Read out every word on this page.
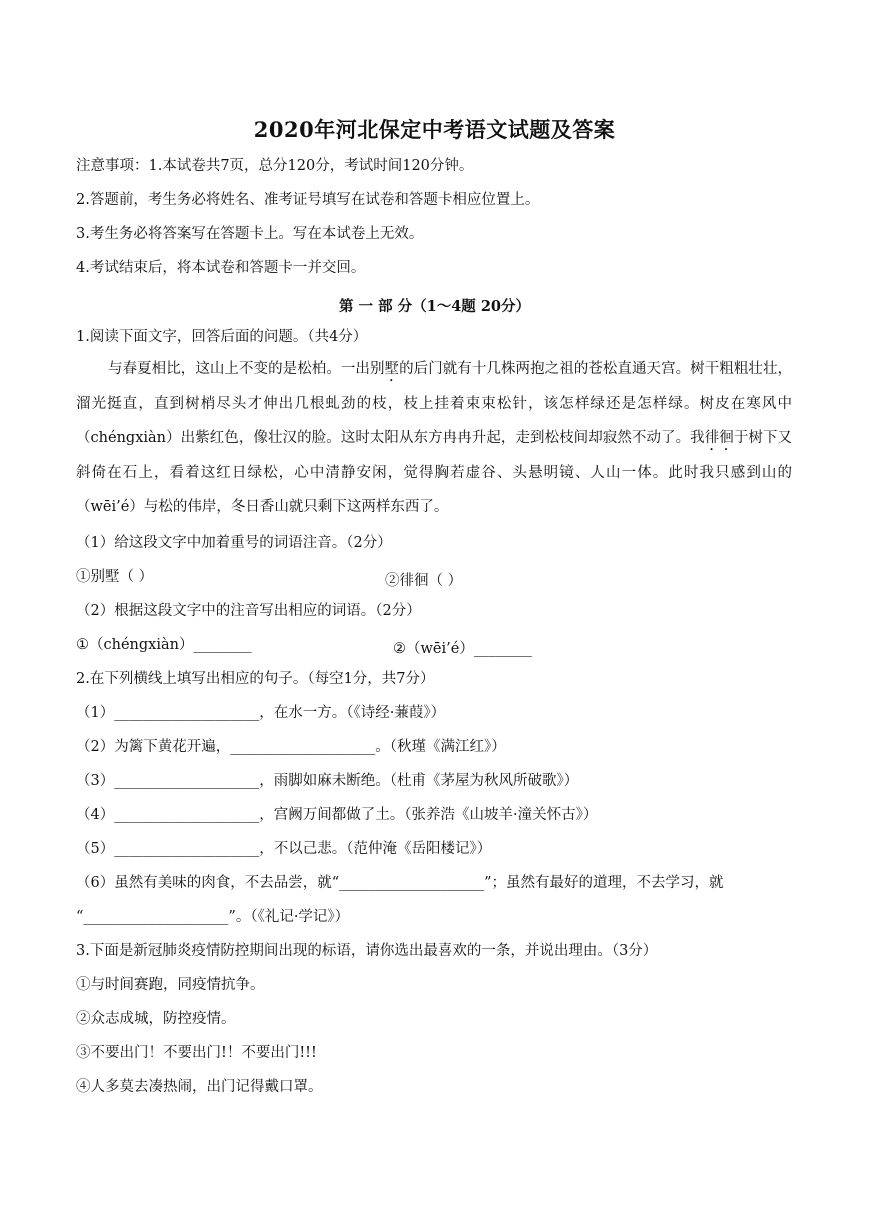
2020年河北保定中考语文试题及答案
注意事项：1.本试卷共7页，总分120分，考试时间120分钟。
2.答题前，考生务必将姓名、准考证号填写在试卷和答题卡相应位置上。
3.考生务必将答案写在答题卡上。写在本试卷上无效。
4.考试结束后，将本试卷和答题卡一并交回。
第 一 部 分（1～4题 20分）
1.阅读下面文字，回答后面的问题。（共4分）
与春夏相比，这山上不变的是松柏。一出别墅的后门就有十几株两抱之祖的苍松直通天宫。树干粗粗壮壮，溜光挺直，直到树梢尽头才伸出几根虬劲的枝，枝上挂着束束松针，该怎样绿还是怎样绿。树皮在寒风中（chéngxiàn）出紫红色，像壮汉的脸。这时太阳从东方冉冉升起，走到松枝间却寂然不动了。我徘徊于树下又斜倚在石上，看着这红日绿松，心中清静安闲，觉得胸若虚谷、头悬明镜、人山一体。此时我只感到山的（wēi’é）与松的伟岸，冬日香山就只剩下这两样东西了。
（1）给这段文字中加着重号的词语注音。（2分）
①别墅（ ）	②徘徊（ ）
（2）根据这段文字中的注音写出相应的词语。（2分）
①（chéngxiàn）________	②（wēi’é）________
2.在下列横线上填写出相应的句子。（每空1分，共7分）
（1）____________________，在水一方。（《诗经·蒹葭》）
（2）为篱下黄花开遍，____________________。（秋瑾《满江红》）
（3）____________________，雨脚如麻未断绝。（杜甫《茅屋为秋风所破歌》）
（4）____________________，宫阙万间都做了土。（张养浩《山坡羊·潼关怀古》）
（5）____________________，不以己悲。（范仲淹《岳阳楼记》）
（6）虽然有美味的肉食，不去品尝，就“____________________”；虽然有最好的道理，不去学习，就
“____________________”。（《礼记·学记》）
3.下面是新冠肺炎疫情防控期间出现的标语，请你选出最喜欢的一条，并说出理由。（3分）
①与时间赛跑，同疫情抗争。
②众志成城，防控疫情。
③不要出门！不要出门!！不要出门!!!
④人多莫去凑热闹，出门记得戴口罩。
